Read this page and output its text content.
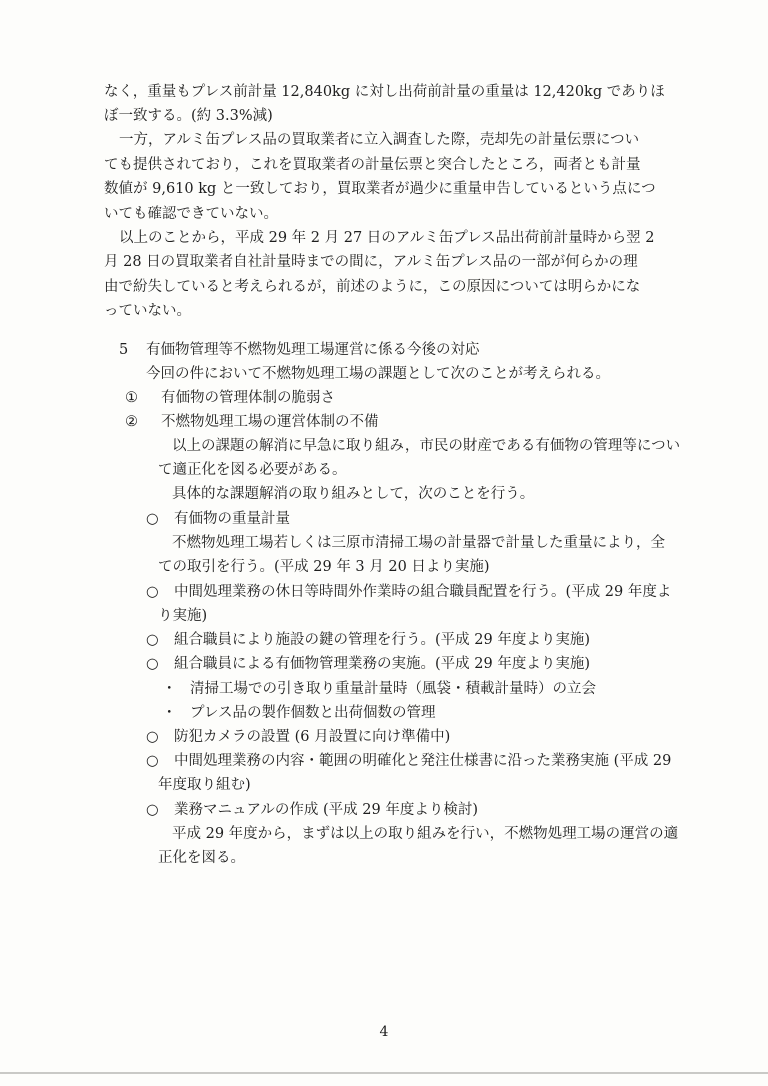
なく，重量もプレス前計量 12,840kg に対し出荷前計量の重量は 12,420kg でありほ
ぼ一致する。(約 3.3%減)
一方，アルミ缶プレス品の買取業者に立入調査した際，売却先の計量伝票につい
ても提供されており，これを買取業者の計量伝票と突合したところ，両者とも計量
数値が 9,610 kg と一致しており，買取業者が過少に重量申告しているという点につ
いても確認できていない。
以上のことから，平成 29 年 2 月 27 日のアルミ缶プレス品出荷前計量時から翌 2
月 28 日の買取業者自社計量時までの間に，アルミ缶プレス品の一部が何らかの理
由で紛失していると考えられるが，前述のように，この原因については明らかにな
っていない。
5 有価物管理等不燃物処理工場運営に係る今後の対応
今回の件において不燃物処理工場の課題として次のことが考えられる。
① 有価物の管理体制の脆弱さ
② 不燃物処理工場の運営体制の不備
以上の課題の解消に早急に取り組み，市民の財産である有価物の管理等につい
て適正化を図る必要がある。
具体的な課題解消の取り組みとして，次のことを行う。
○ 有価物の重量計量
不燃物処理工場若しくは三原市清掃工場の計量器で計量した重量により，全
ての取引を行う。(平成 29 年 3 月 20 日より実施)
○ 中間処理業務の休日等時間外作業時の組合職員配置を行う。(平成 29 年度よ
り実施)
○ 組合職員により施設の鍵の管理を行う。(平成 29 年度より実施)
○ 組合職員による有価物管理業務の実施。(平成 29 年度より実施)
・ 清掃工場での引き取り重量計量時（風袋・積載計量時）の立会
・ プレス品の製作個数と出荷個数の管理
○ 防犯カメラの設置 (6 月設置に向け準備中)
○ 中間処理業務の内容・範囲の明確化と発注仕様書に沿った業務実施 (平成 29
年度取り組む)
○ 業務マニュアルの作成 (平成 29 年度より検討)
平成 29 年度から，まずは以上の取り組みを行い，不燃物処理工場の運営の適
正化を図る。
4
